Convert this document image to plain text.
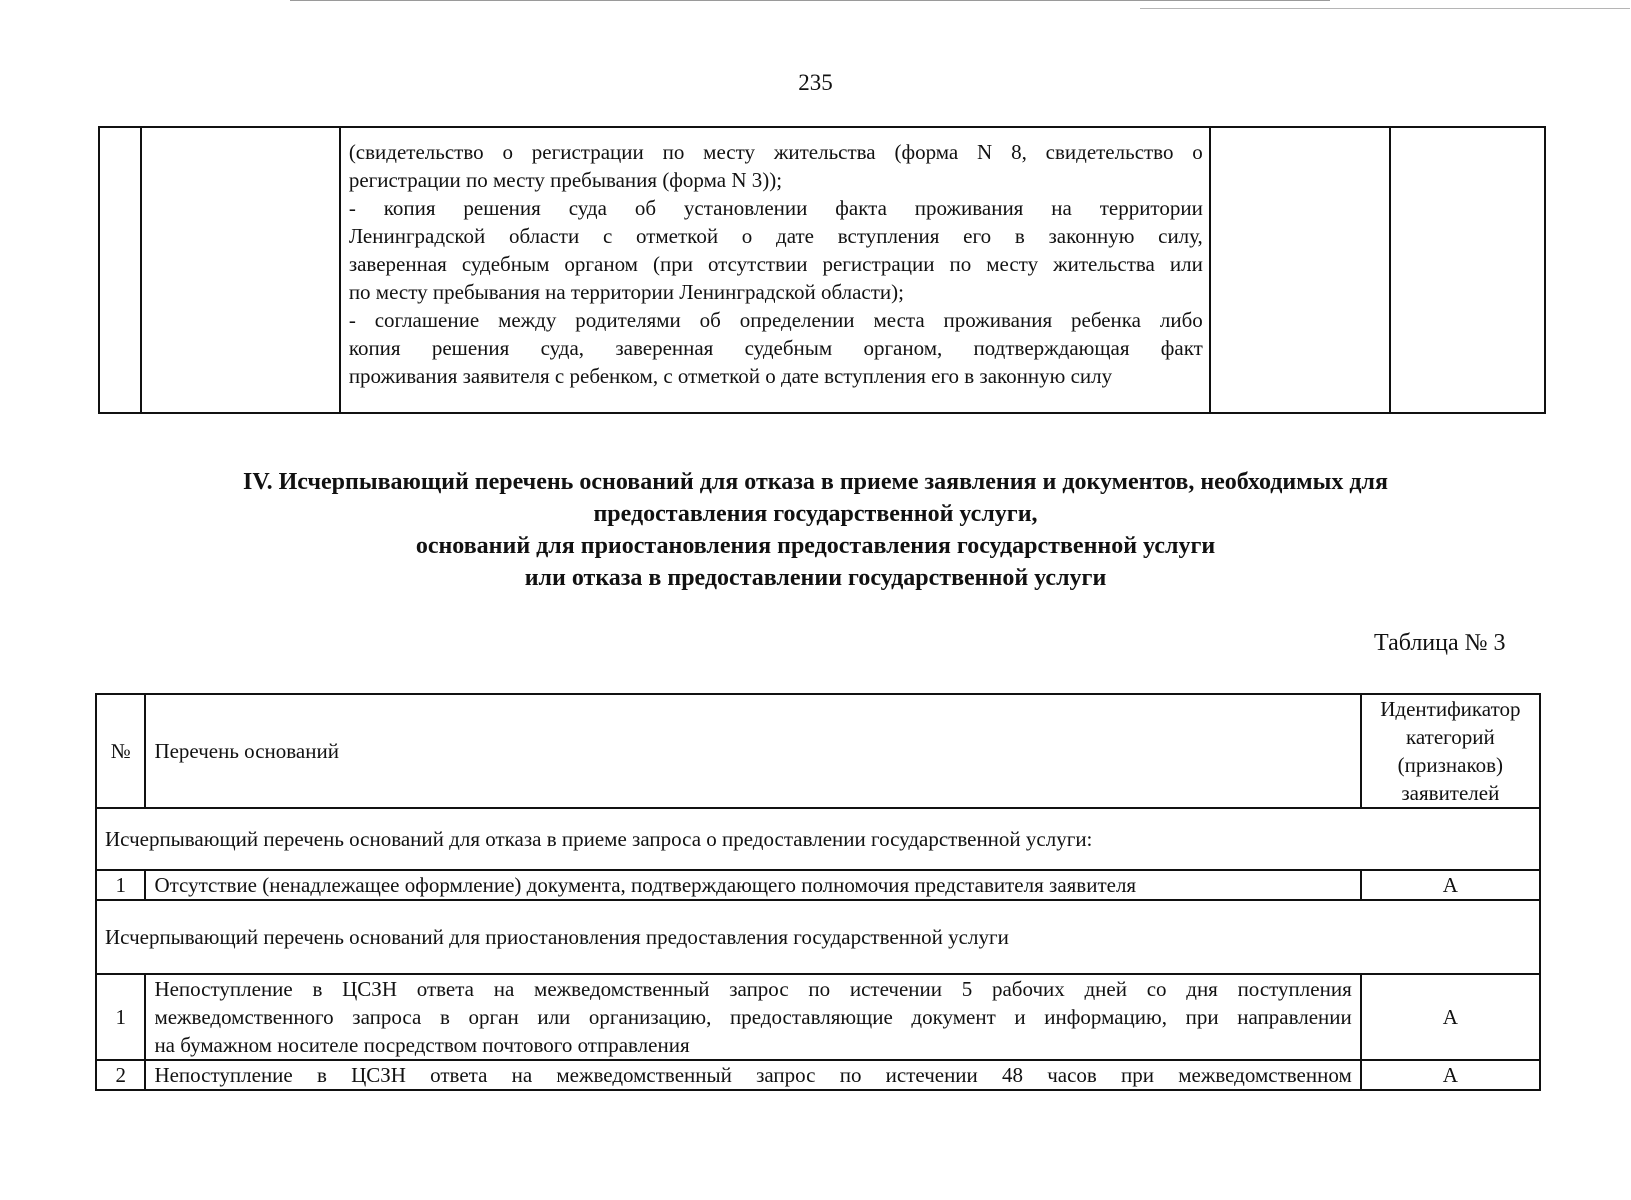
235

(свидетельство о регистрации по месту жительства (форма N 8, свидетельство о
регистрации по месту пребывания (форма N 3));
- копия решения суда об установлении факта проживания на территории
Ленинградской области с отметкой о дате вступления его в законную силу,
заверенная судебным органом (при отсутствии регистрации по месту жительства или
по месту пребывания на территории Ленинградской области);
- соглашение между родителями об определении места проживания ребенка либо
копия решения суда, заверенная судебным органом, подтверждающая факт
проживания заявителя с ребенком, с отметкой о дате вступления его в законную силу

IV. Исчерпывающий перечень оснований для отказа в приеме заявления и документов, необходимых для
предоставления государственной услуги,
оснований для приостановления предоставления государственной услуги
или отказа в предоставлении государственной услуги
Таблица № 3
№	Перечень оснований	Идентификатор
категорий
(признаков)
заявителей

Исчерпывающий перечень оснований для отказа в приеме запроса о предоставлении государственной услуги:		
1	Отсутствие (ненадлежащее оформление) документа, подтверждающего полномочия представителя заявителя	А
Исчерпывающий перечень оснований для приостановления предоставления государственной услуги		
1	Непоступление в ЦСЗН ответа на межведомственный запрос по истечении 5 рабочих дней со дня поступления
межведомственного запроса в орган или организацию, предоставляющие документ и информацию, при направлении
на бумажном носителе посредством почтового отправления	А
2	Непоступление в ЦСЗН ответа на межведомственный запрос по истечении 48 часов при межведомственном	А
